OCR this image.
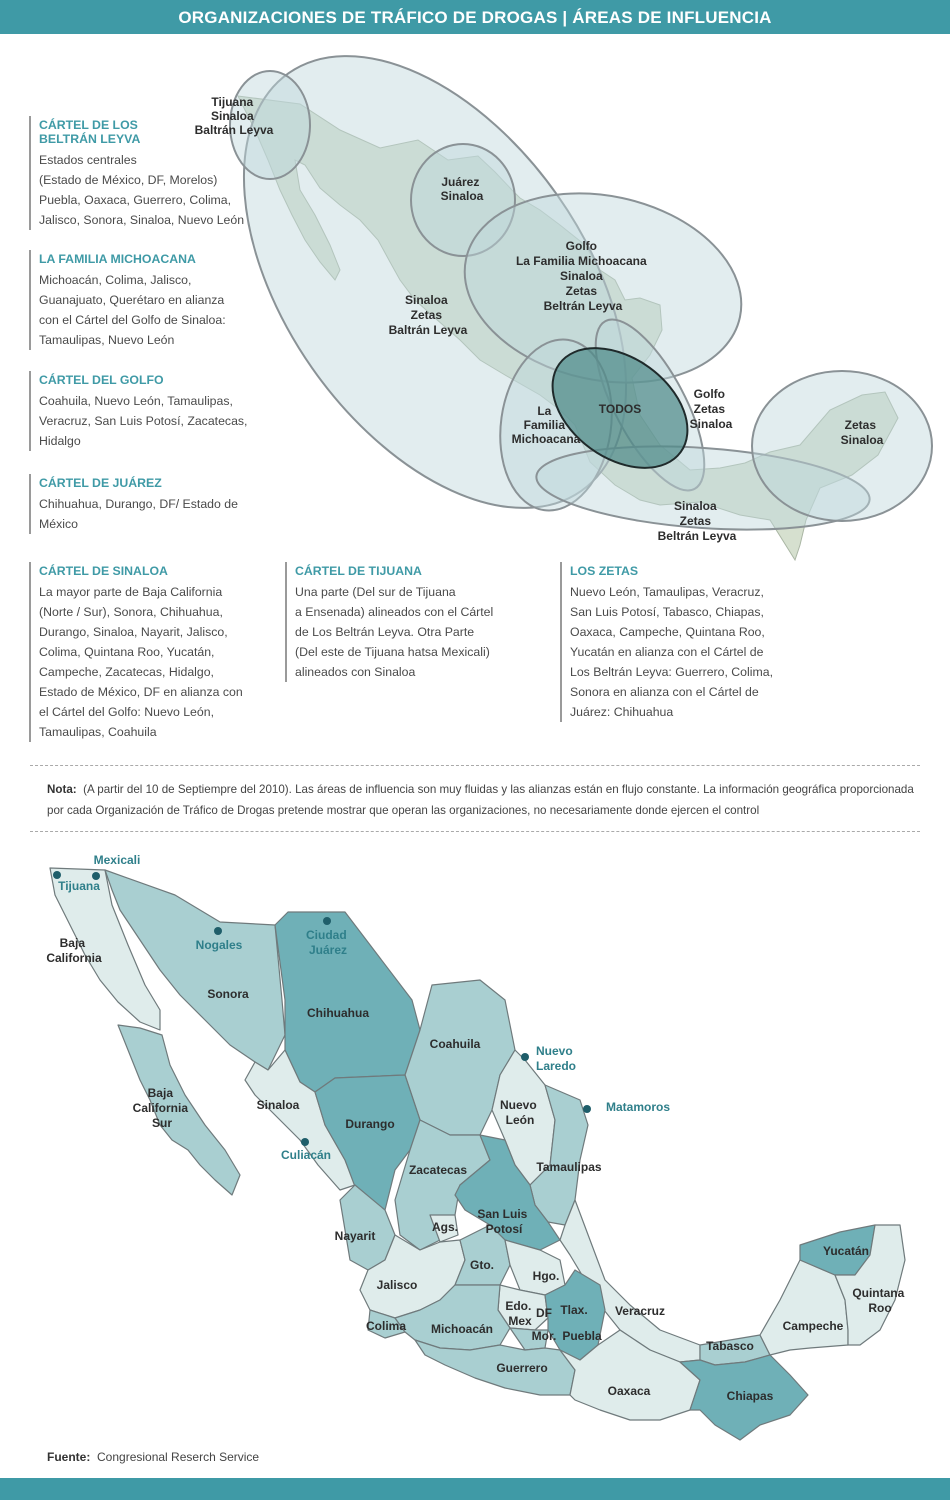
ORGANIZACIONES DE TRÁFICO DE DROGAS | ÁREAS DE INFLUENCIA
Tijuana Sinaloa Baltrán Leyva
Juárez Sinaloa
Golfo La Familia Michoacana Sinaloa Zetas Beltrán Leyva
Sinaloa Zetas Baltrán Leyva
La Familia Michoacana
TODOS
Golfo Zetas Sinaloa	Zetas Sinaloa
Sinaloa Zetas Beltrán Leyva
CÁRTEL DE LOS
BELTRÁN LEYVA
Estados centrales
(Estado de México, DF, Morelos)
Puebla, Oaxaca, Guerrero, Colima,
Jalisco, Sonora, Sinaloa, Nuevo León
LA FAMILIA MICHOACANA
Michoacán, Colima, Jalisco,
Guanajuato, Querétaro en alianza
con el Cártel del Golfo de Sinaloa:
Tamaulipas, Nuevo León
CÁRTEL DEL GOLFO
Coahuila, Nuevo León, Tamaulipas,
Veracruz, San Luis Potosí, Zacatecas,
Hidalgo
CÁRTEL DE JUÁREZ
Chihuahua, Durango, DF/ Estado de
México
CÁRTEL DE SINALOA
La mayor parte de Baja California
(Norte / Sur), Sonora, Chihuahua,
Durango, Sinaloa, Nayarit, Jalisco,
Colima, Quintana Roo, Yucatán,
Campeche, Zacatecas, Hidalgo,
Estado de México, DF en alianza con
el Cártel del Golfo: Nuevo León,
Tamaulipas, Coahuila
CÁRTEL DE TIJUANA
Una parte (Del sur de Tijuana
a Ensenada) alineados con el Cártel
de Los Beltrán Leyva. Otra Parte
(Del este de Tijuana hatsa Mexicali)
alineados con Sinaloa
LOS ZETAS
Nuevo León, Tamaulipas, Veracruz,
San Luis Potosí, Tabasco, Chiapas,
Oaxaca, Campeche, Quintana Roo,
Yucatán en alianza con el Cártel de
Los Beltrán Leyva: Guerrero, Colima,
Sonora en alianza con el Cártel de
Juárez: Chihuahua
Nota: (A partir del 10 de Septiempre del 2010). Las áreas de influencia son muy fluidas y las alianzas están en flujo constante. La información geográfica proporcionada por cada Organización de Tráfico de Drogas pretende mostrar que operan las organizaciones, no necesariamente donde ejercen el control
Baja California
Sonora
Chihuahua
Coahuila
Baja California Sur
Sinaloa
Durango
Nuevo León
Tamaulipas
Zacatecas
San Luis Potosí
Ags.
Nayarit
Gto.
Hgo.
Jalisco
Edo. Mex
DF Tlax. Veracruz
Colima Michoacán	Mor. Puebla
Guerrero
Oaxaca
Tabasco
Chiapas
Yucatán
Quintana Roo
Campeche
Mexicali
Tijuana
Nogales
Ciudad Juárez
Nuevo Laredo
Matamoros
Culiacán
Fuente: Congresional Reserch Service
